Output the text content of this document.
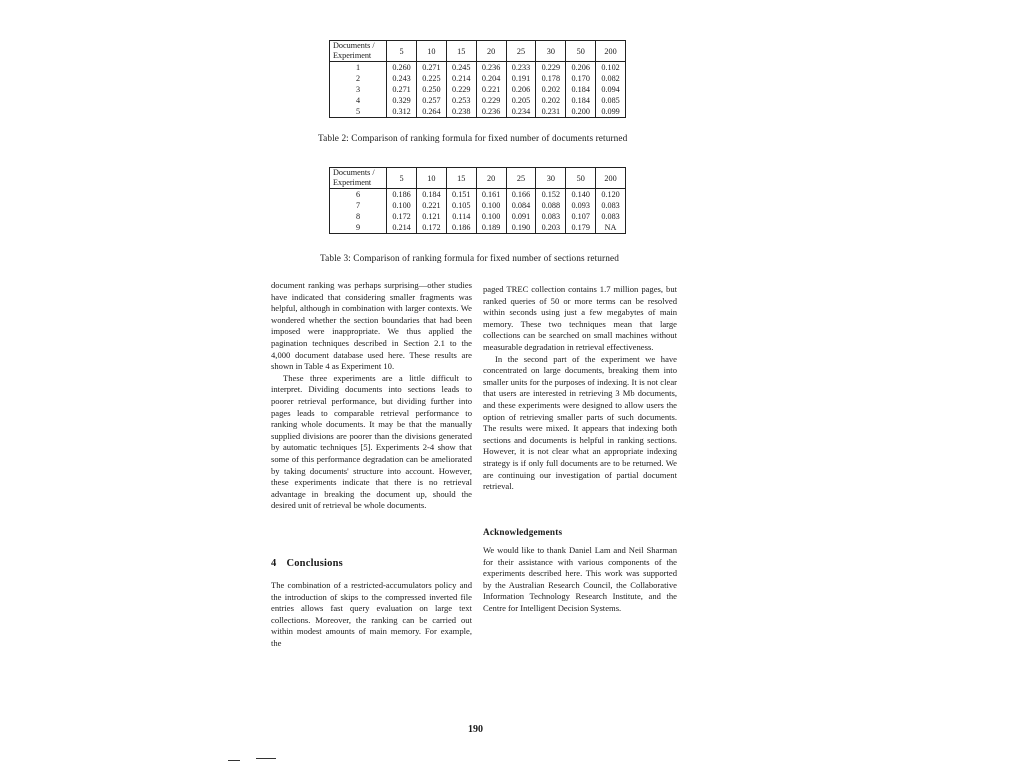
Documents /
Experiment	5	10	15	20	25	30	50	200
1	0.260	0.271	0.245	0.236	0.233	0.229	0.206	0.102
2	0.243	0.225	0.214	0.204	0.191	0.178	0.170	0.082
3	0.271	0.250	0.229	0.221	0.206	0.202	0.184	0.094
4	0.329	0.257	0.253	0.229	0.205	0.202	0.184	0.085
5	0.312	0.264	0.238	0.236	0.234	0.231	0.200	0.099
Table 2: Comparison of ranking formula for fixed number of documents returned
Documents /
Experiment	5	10	15	20	25	30	50	200
6	0.186	0.184	0.151	0.161	0.166	0.152	0.140	0.120
7	0.100	0.221	0.105	0.100	0.084	0.088	0.093	0.083
8	0.172	0.121	0.114	0.100	0.091	0.083	0.107	0.083
9	0.214	0.172	0.186	0.189	0.190	0.203	0.179	NA
Table 3: Comparison of ranking formula for fixed number of sections returned

document ranking was perhaps surprising—other studies have indicated that considering smaller fragments was helpful, although in combination with larger contexts. We wondered whether the section boundaries that had been imposed were inappropriate. We thus applied the pagination techniques described in Section 2.1 to the 4,000 document database used here. These results are shown in Table 4 as Experiment 10.

These three experiments are a little difficult to interpret. Dividing documents into sections leads to poorer retrieval performance, but dividing further into pages leads to comparable retrieval performance to ranking whole documents. It may be that the manually supplied divisions are poorer than the divisions generated by automatic techniques [5]. Experiments 2-4 show that some of this performance degradation can be ameliorated by taking documents' structure into account. However, these experiments indicate that there is no retrieval advantage in breaking the document up, should the desired unit of retrieval be whole documents.

4 Conclusions

The combination of a restricted-accumulators policy and the introduction of skips to the compressed inverted file entries allows fast query evaluation on large text collections. Moreover, the ranking can be carried out within modest amounts of main memory. For example, the

paged TREC collection contains 1.7 million pages, but ranked queries of 50 or more terms can be resolved within seconds using just a few megabytes of main memory. These two techniques mean that large collections can be searched on small machines without measurable degradation in retrieval effectiveness.

In the second part of the experiment we have concentrated on large documents, breaking them into smaller units for the purposes of indexing. It is not clear that users are interested in retrieving 3 Mb documents, and these experiments were designed to allow users the option of retrieving smaller parts of such documents. The results were mixed. It appears that indexing both sections and documents is helpful in ranking sections. However, it is not clear what an appropriate indexing strategy is if only full documents are to be returned. We are continuing our investigation of partial document retrieval.

Acknowledgements

We would like to thank Daniel Lam and Neil Sharman for their assistance with various components of the experiments described here. This work was supported by the Australian Research Council, the Collaborative Information Technology Research Institute, and the Centre for Intelligent Decision Systems.

190
